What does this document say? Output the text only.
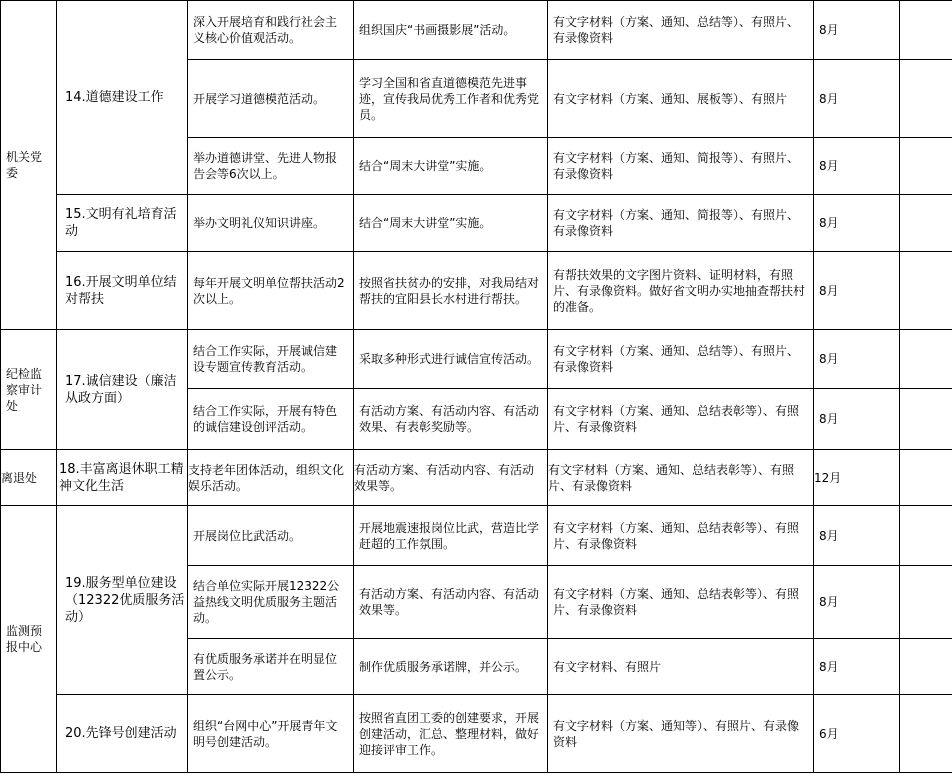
机关党委	14.道德建设工作	深入开展培育和践行社会主义核心价值观活动。	组织国庆“书画摄影展”活动。	有文字材料（方案、通知、总结等）、有照片、有录像资料	8月	
		开展学习道德模范活动。	学习全国和省直道德模范先进事迹，宣传我局优秀工作者和优秀党员。	有文字材料（方案、通知、展板等）、有照片	8月	
		举办道德讲堂、先进人物报告会等6次以上。	结合“周末大讲堂”实施。	有文字材料（方案、通知、简报等）、有照片、有录像资料	8月	
	15.文明有礼培育活动	举办文明礼仪知识讲座。	结合“周末大讲堂”实施。	有文字材料（方案、通知、简报等）、有照片、有录像资料	8月	
	16.开展文明单位结对帮扶	每年开展文明单位帮扶活动2次以上。	按照省扶贫办的安排，对我局结对帮扶的宜阳县长水村进行帮扶。	有帮扶效果的文字图片资料、证明材料，有照片、有录像资料。做好省文明办实地抽查帮扶村的准备。	8月	
纪检监察审计处	17.诚信建设（廉洁从政方面）	结合工作实际，开展诚信建设专题宣传教育活动。	采取多种形式进行诚信宣传活动。	有文字材料（方案、通知、总结等）、有照片、有录像资料	8月	
		结合工作实际，开展有特色的诚信建设创评活动。	有活动方案、有活动内容、有活动效果、有表彰奖励等。	有文字材料（方案、通知、总结表彰等）、有照片、有录像资料	8月	
离退处	18.丰富离退休职工精神文化生活	支持老年团体活动，组织文化娱乐活动。	有活动方案、有活动内容、有活动效果等。	有文字材料（方案、通知、总结表彰等）、有照片、有录像资料	12月	
监测预报中心	19.服务型单位建设（12322优质服务活动）	开展岗位比武活动。	开展地震速报岗位比武，营造比学赶超的工作氛围。	有文字材料（方案、通知、总结表彰等）、有照片、有录像资料	8月	
		结合单位实际开展12322公益热线文明优质服务主题活动。	有活动方案、有活动内容、有活动效果等。	有文字材料（方案、通知、总结表彰等）、有照片、有录像资料	8月	
		有优质服务承诺并在明显位置公示。	制作优质服务承诺牌，并公示。	有文字材料、有照片	8月	
	20.先锋号创建活动	组织“台网中心”开展青年文明号创建活动。	按照省直团工委的创建要求，开展创建活动，汇总、整理材料，做好迎接评审工作。	有文字材料（方案、通知等）、有照片、有录像资料	6月	
